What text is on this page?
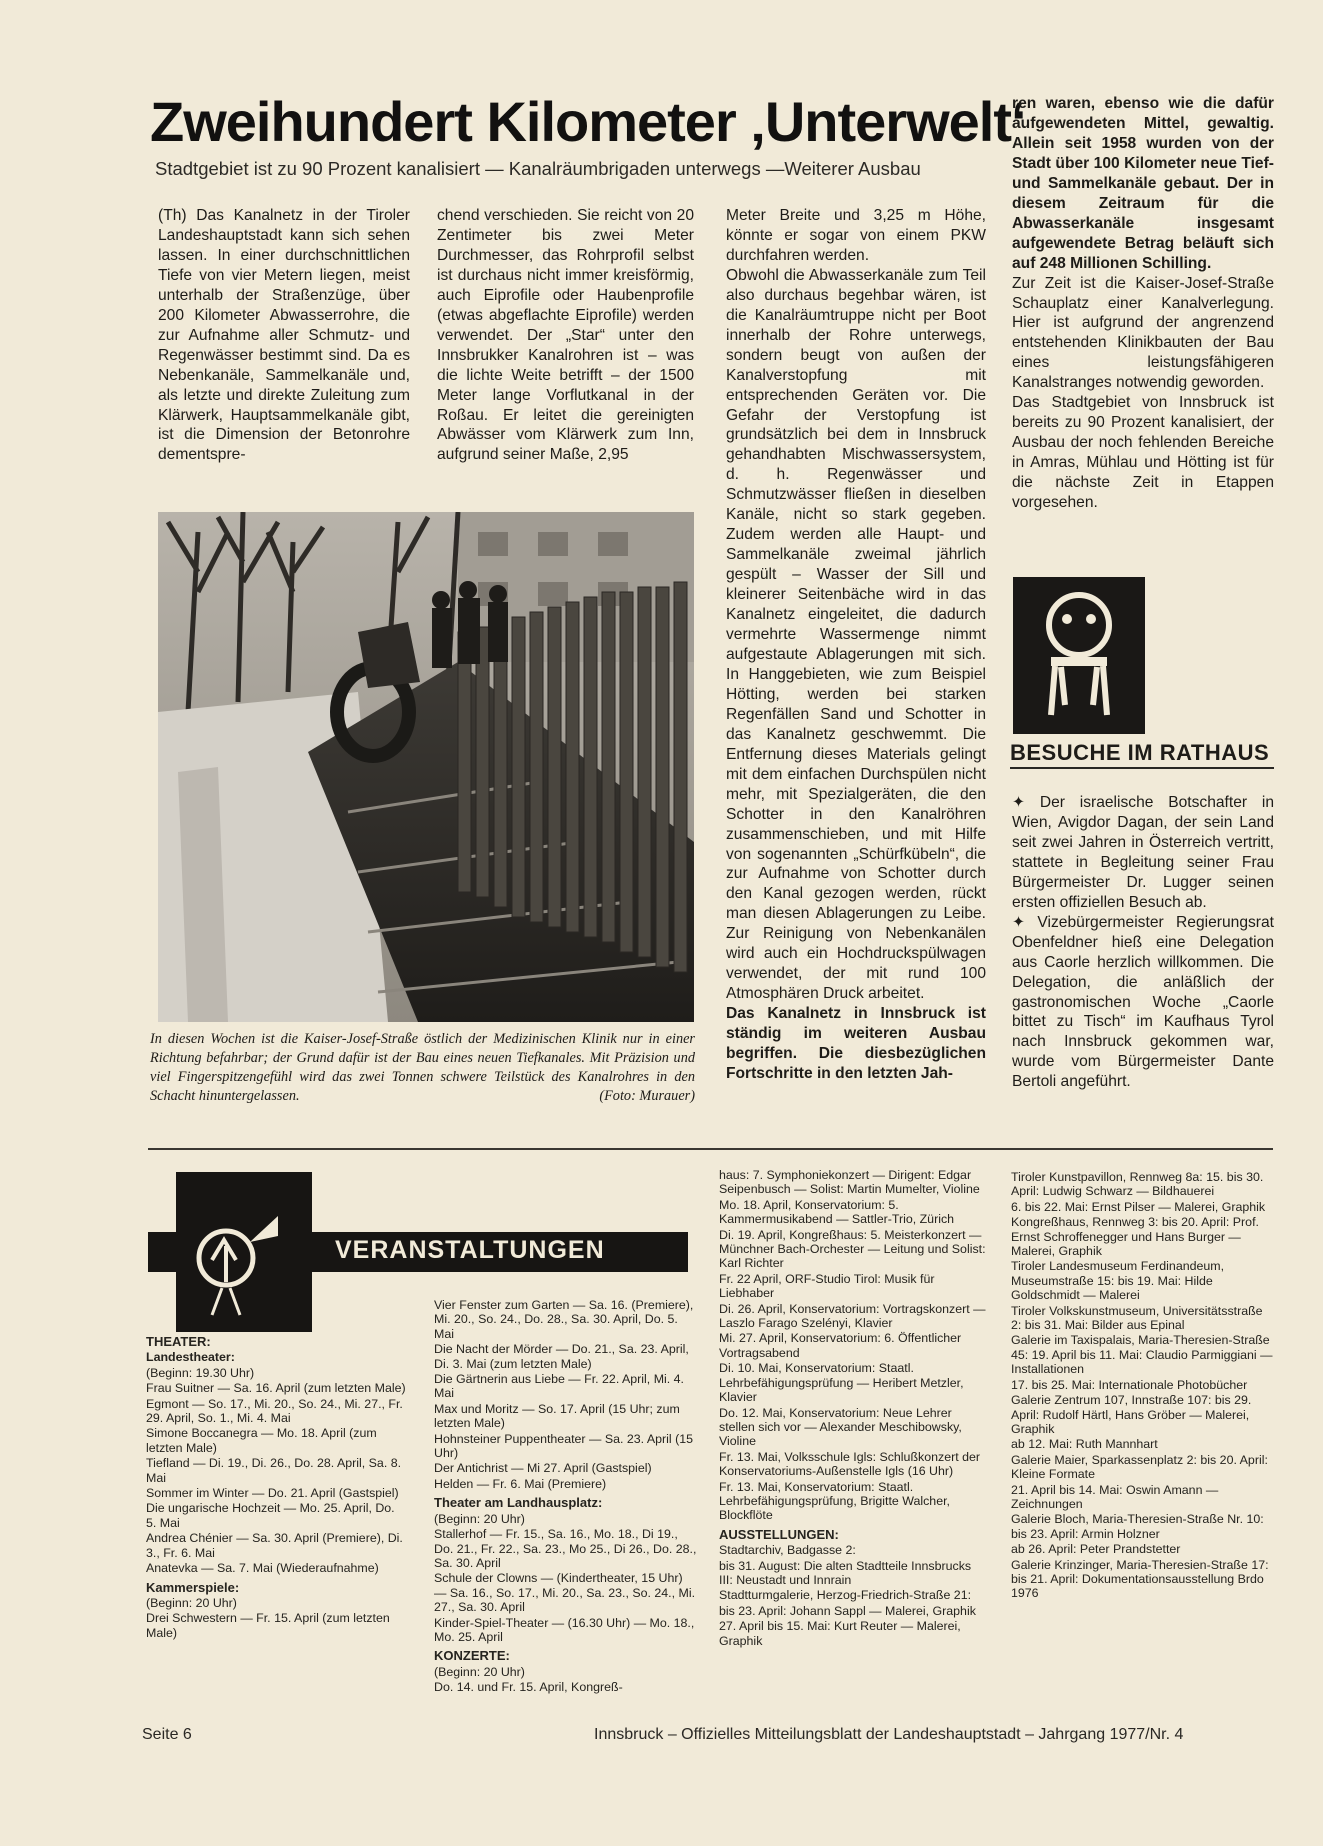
Zweihundert Kilometer ‚Unterwelt‘
Stadtgebiet ist zu 90 Prozent kanalisiert — Kanalräumbrigaden unterwegs —Weiterer Ausbau

(Th) Das Kanalnetz in der Tiroler Landeshauptstadt kann sich sehen lassen. In einer durchschnittlichen Tiefe von vier Metern liegen, meist unterhalb der Straßenzüge, über 200 Kilometer Abwasserrohre, die zur Aufnahme aller Schmutz- und Regenwässer bestimmt sind. Da es Nebenkanäle, Sammelkanäle und, als letzte und direkte Zuleitung zum Klärwerk, Hauptsammelkanäle gibt, ist die Dimension der Betonrohre dementspre-

chend verschieden. Sie reicht von 20 Zentimeter bis zwei Meter Durchmesser, das Rohrprofil selbst ist durchaus nicht immer kreisförmig, auch Eiprofile oder Haubenprofile (etwas abgeflachte Eiprofile) werden verwendet. Der „Star“ unter den Innsbrukker Kanalrohren ist – was die lichte Weite betrifft – der 1500 Meter lange Vorflutkanal in der Roßau. Er leitet die gereinigten Abwässer vom Klärwerk zum Inn, aufgrund seiner Maße, 2,95

Meter Breite und 3,25 m Höhe, könnte er sogar von einem PKW durchfahren werden.

Obwohl die Abwasserkanäle zum Teil also durchaus begehbar wären, ist die Kanalräumtruppe nicht per Boot innerhalb der Rohre unterwegs, sondern beugt von außen der Kanalverstopfung mit entsprechenden Geräten vor. Die Gefahr der Verstopfung ist grundsätzlich bei dem in Innsbruck gehandhabten Mischwassersystem, d. h. Regenwässer und Schmutzwässer fließen in dieselben Kanäle, nicht so stark gegeben. Zudem werden alle Haupt- und Sammelkanäle zweimal jährlich gespült – Wasser der Sill und kleinerer Seitenbäche wird in das Kanalnetz eingeleitet, die dadurch vermehrte Wassermenge nimmt aufgestaute Ablagerungen mit sich. In Hanggebieten, wie zum Beispiel Hötting, werden bei starken Regenfällen Sand und Schotter in das Kanalnetz geschwemmt. Die Entfernung dieses Materials gelingt mit dem einfachen Durchspülen nicht mehr, mit Spezialgeräten, die den Schotter in den Kanalröhren zusammenschieben, und mit Hilfe von sogenannten „Schürfkübeln“, die zur Aufnahme von Schotter durch den Kanal gezogen werden, rückt man diesen Ablagerungen zu Leibe. Zur Reinigung von Nebenkanälen wird auch ein Hochdruckspülwagen verwendet, der mit rund 100 Atmosphären Druck arbeitet.

Das Kanalnetz in Innsbruck ist ständig im weiteren Ausbau begriffen. Die diesbezüglichen Fortschritte in den letzten Jah-

ren waren, ebenso wie die dafür aufgewendeten Mittel, gewaltig. Allein seit 1958 wurden von der Stadt über 100 Kilometer neue Tief- und Sammelkanäle gebaut. Der in diesem Zeitraum für die Abwasserkanäle insgesamt aufgewendete Betrag beläuft sich auf 248 Millionen Schilling.

Zur Zeit ist die Kaiser-Josef-Straße Schauplatz einer Kanalverlegung. Hier ist aufgrund der angrenzend entstehenden Klinikbauten der Bau eines leistungsfähigeren Kanalstranges notwendig geworden.

Das Stadtgebiet von Innsbruck ist bereits zu 90 Prozent kanalisiert, der Ausbau der noch fehlenden Bereiche in Amras, Mühlau und Hötting ist für die nächste Zeit in Etappen vorgesehen.

In diesen Wochen ist die Kaiser-Josef-Straße östlich der Medizinischen Klinik nur in einer Richtung befahrbar; der Grund dafür ist der Bau eines neuen Tiefkanales. Mit Präzision und viel Fingerspitzengefühl wird das zwei Tonnen schwere Teilstück des Kanalrohres in den Schacht hinuntergelassen.	(Foto: Murauer)
BESUCHE IM RATHAUS

✦ Der israelische Botschafter in Wien, Avigdor Dagan, der sein Land seit zwei Jahren in Österreich vertritt, stattete in Begleitung seiner Frau Bürgermeister Dr. Lugger seinen ersten offiziellen Besuch ab.

✦ Vizebürgermeister Regierungsrat Obenfeldner hieß eine Delegation aus Caorle herzlich willkommen. Die Delegation, die anläßlich der gastronomischen Woche „Caorle bittet zu Tisch“ im Kaufhaus Tyrol nach Innsbruck gekommen war, wurde vom Bürgermeister Dante Bertoli angeführt.

VERANSTALTUNGEN

THEATER:

Landestheater:

(Beginn: 19.30 Uhr)

Frau Suitner — Sa. 16. April (zum letzten Male)

Egmont — So. 17., Mi. 20., So. 24., Mi. 27., Fr. 29. April, So. 1., Mi. 4. Mai

Simone Boccanegra — Mo. 18. April (zum letzten Male)

Tiefland — Di. 19., Di. 26., Do. 28. April, Sa. 8. Mai

Sommer im Winter — Do. 21. April (Gastspiel)

Die ungarische Hochzeit — Mo. 25. April, Do. 5. Mai

Andrea Chénier — Sa. 30. April (Premiere), Di. 3., Fr. 6. Mai

Anatevka — Sa. 7. Mai (Wiederaufnahme)

Kammerspiele:

(Beginn: 20 Uhr)

Drei Schwestern — Fr. 15. April (zum letzten Male)

Vier Fenster zum Garten — Sa. 16. (Premiere), Mi. 20., So. 24., Do. 28., Sa. 30. April, Do. 5. Mai

Die Nacht der Mörder — Do. 21., Sa. 23. April, Di. 3. Mai (zum letzten Male)

Die Gärtnerin aus Liebe — Fr. 22. April, Mi. 4. Mai

Max und Moritz — So. 17. April (15 Uhr; zum letzten Male)

Hohnsteiner Puppentheater — Sa. 23. April (15 Uhr)

Der Antichrist — Mi 27. April (Gastspiel)

Helden — Fr. 6. Mai (Premiere)

Theater am Landhausplatz:

(Beginn: 20 Uhr)

Stallerhof — Fr. 15., Sa. 16., Mo. 18., Di 19., Do. 21., Fr. 22., Sa. 23., Mo 25., Di 26., Do. 28., Sa. 30. April

Schule der Clowns — (Kindertheater, 15 Uhr) — Sa. 16., So. 17., Mi. 20., Sa. 23., So. 24., Mi. 27., Sa. 30. April

Kinder-Spiel-Theater — (16.30 Uhr) — Mo. 18., Mo. 25. April

KONZERTE:

(Beginn: 20 Uhr)

Do. 14. und Fr. 15. April, Kongreß-

haus: 7. Symphoniekonzert — Dirigent: Edgar Seipenbusch — Solist: Martin Mumelter, Violine

Mo. 18. April, Konservatorium: 5. Kammermusikabend — Sattler-Trio, Zürich

Di. 19. April, Kongreßhaus: 5. Meisterkonzert — Münchner Bach-Orchester — Leitung und Solist: Karl Richter

Fr. 22 April, ORF-Studio Tirol: Musik für Liebhaber

Di. 26. April, Konservatorium: Vortragskonzert — Laszlo Farago Szelényi, Klavier

Mi. 27. April, Konservatorium: 6. Öffentlicher Vortragsabend

Di. 10. Mai, Konservatorium: Staatl. Lehrbefähigungsprüfung — Heribert Metzler, Klavier

Do. 12. Mai, Konservatorium: Neue Lehrer stellen sich vor — Alexander Meschibowsky, Violine

Fr. 13. Mai, Volksschule Igls: Schlußkonzert der Konservatoriums-Außenstelle Igls (16 Uhr)

Fr. 13. Mai, Konservatorium: Staatl. Lehrbefähigungsprüfung, Brigitte Walcher, Blockflöte

AUSSTELLUNGEN:

Stadtarchiv, Badgasse 2:

bis 31. August: Die alten Stadtteile Innsbrucks III: Neustadt und Innrain

Stadtturmgalerie, Herzog-Friedrich-Straße 21:

bis 23. April: Johann Sappl — Malerei, Graphik

27. April bis 15. Mai: Kurt Reuter — Malerei, Graphik

Tiroler Kunstpavillon, Rennweg 8a: 15. bis 30. April: Ludwig Schwarz — Bildhauerei

6. bis 22. Mai: Ernst Pilser — Malerei, Graphik

Kongreßhaus, Rennweg 3: bis 20. April: Prof. Ernst Schroffenegger und Hans Burger — Malerei, Graphik

Tiroler Landesmuseum Ferdinandeum, Museumstraße 15: bis 19. Mai: Hilde Goldschmidt — Malerei

Tiroler Volkskunstmuseum, Universitätsstraße 2: bis 31. Mai: Bilder aus Epinal

Galerie im Taxispalais, Maria-Theresien-Straße 45: 19. April bis 11. Mai: Claudio Parmiggiani — Installationen

17. bis 25. Mai: Internationale Photobücher

Galerie Zentrum 107, Innstraße 107: bis 29. April: Rudolf Härtl, Hans Gröber — Malerei, Graphik

ab 12. Mai: Ruth Mannhart

Galerie Maier, Sparkassenplatz 2: bis 20. April: Kleine Formate

21. April bis 14. Mai: Oswin Amann — Zeichnungen

Galerie Bloch, Maria-Theresien-Straße Nr. 10: bis 23. April: Armin Holzner

ab 26. April: Peter Prandstetter

Galerie Krinzinger, Maria-Theresien-Straße 17: bis 21. April: Dokumentationsausstellung Brdo 1976

Seite 6	Innsbruck – Offizielles Mitteilungsblatt der Landeshauptstadt – Jahrgang 1977/Nr. 4
